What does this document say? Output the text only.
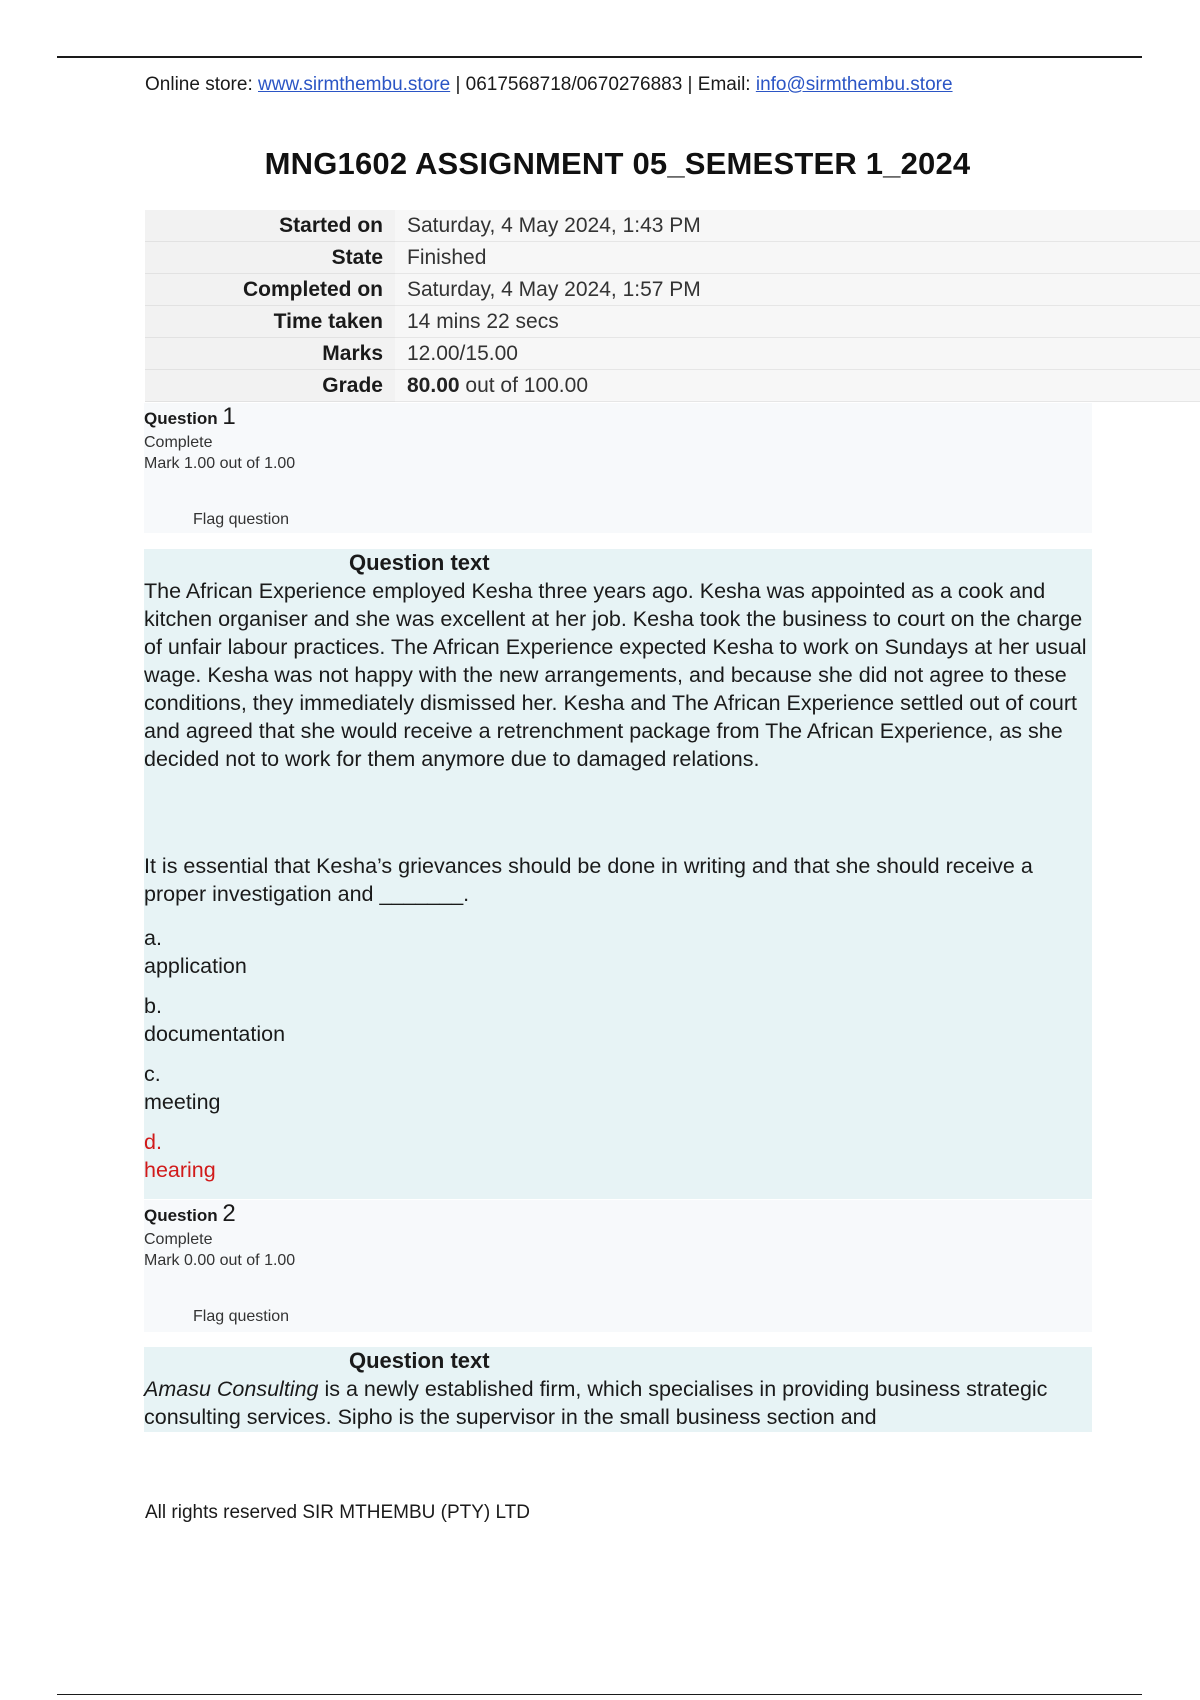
Online store: www.sirmthembu.store | 0617568718/0670276883 | Email: info@sirmthembu.store
MNG1602 ASSIGNMENT 05_SEMESTER 1_2024
Started on	Saturday, 4 May 2024, 1:43 PM
State	Finished
Completed on	Saturday, 4 May 2024, 1:57 PM
Time taken	14 mins 22 secs
Marks	12.00/15.00
Grade	80.00 out of 100.00
Question 1
Complete
Mark 1.00 out of 1.00
Flag question
Question text

The African Experience employed Kesha three years ago. Kesha was appointed as a cook and kitchen organiser and she was excellent at her job. Kesha took the business to court on the charge of unfair labour practices. The African Experience expected Kesha to work on Sundays at her usual wage. Kesha was not happy with the new arrangements, and because she did not agree to these conditions, they immediately dismissed her. Kesha and The African Experience settled out of court and agreed that she would receive a retrenchment package from The African Experience, as she decided not to work for them anymore due to damaged relations.

It is essential that Kesha’s grievances should be done in writing and that she should receive a proper investigation and _______.

a.
application
b.
documentation
c.
meeting
d.
hearing
Question 2
Complete
Mark 0.00 out of 1.00
Flag question
Question text

Amasu Consulting is a newly established firm, which specialises in providing business strategic consulting services. Sipho is the supervisor in the small business section and

All rights reserved SIR MTHEMBU (PTY) LTD
